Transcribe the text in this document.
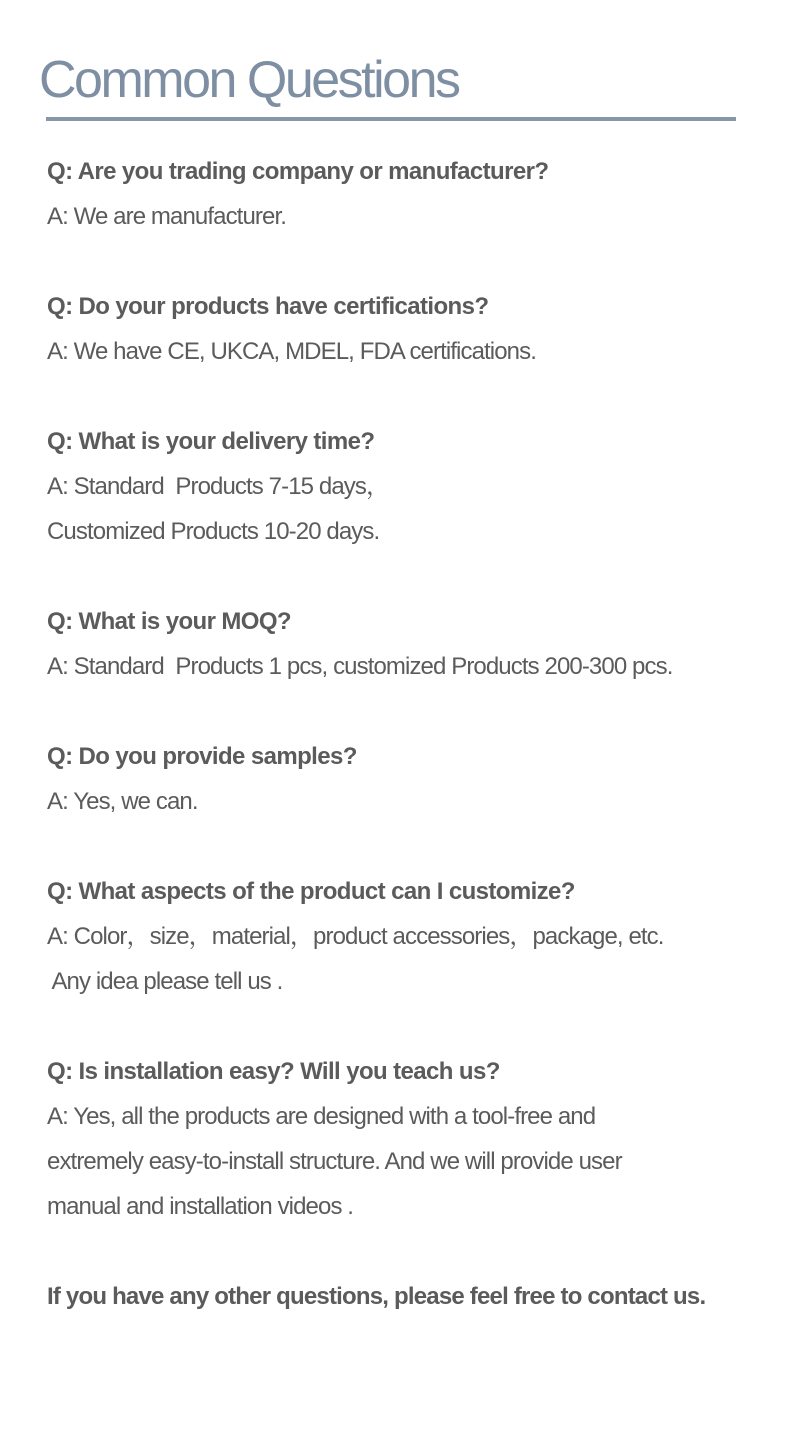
Common Questions
Q: Are you trading company or manufacturer?
A: We are manufacturer.
Q: Do your products have certifications?
A: We have CE, UKCA, MDEL, FDA certifications.
Q: What is your delivery time?
A: Standard  Products 7-15 days，
Customized Products 10-20 days.
Q: What is your MOQ?
A: Standard  Products 1 pcs, customized Products 200-300 pcs.
Q: Do you provide samples?
A: Yes, we can.
Q: What aspects of the product can I customize?
A: Color，size，material，product accessories，package, etc.
Any idea please tell us .
Q: Is installation easy? Will you teach us?
A: Yes, all the products are designed with a tool-free and
extremely easy-to-install structure. And we will provide user
manual and installation videos .
If you have any other questions, please feel free to contact us.
